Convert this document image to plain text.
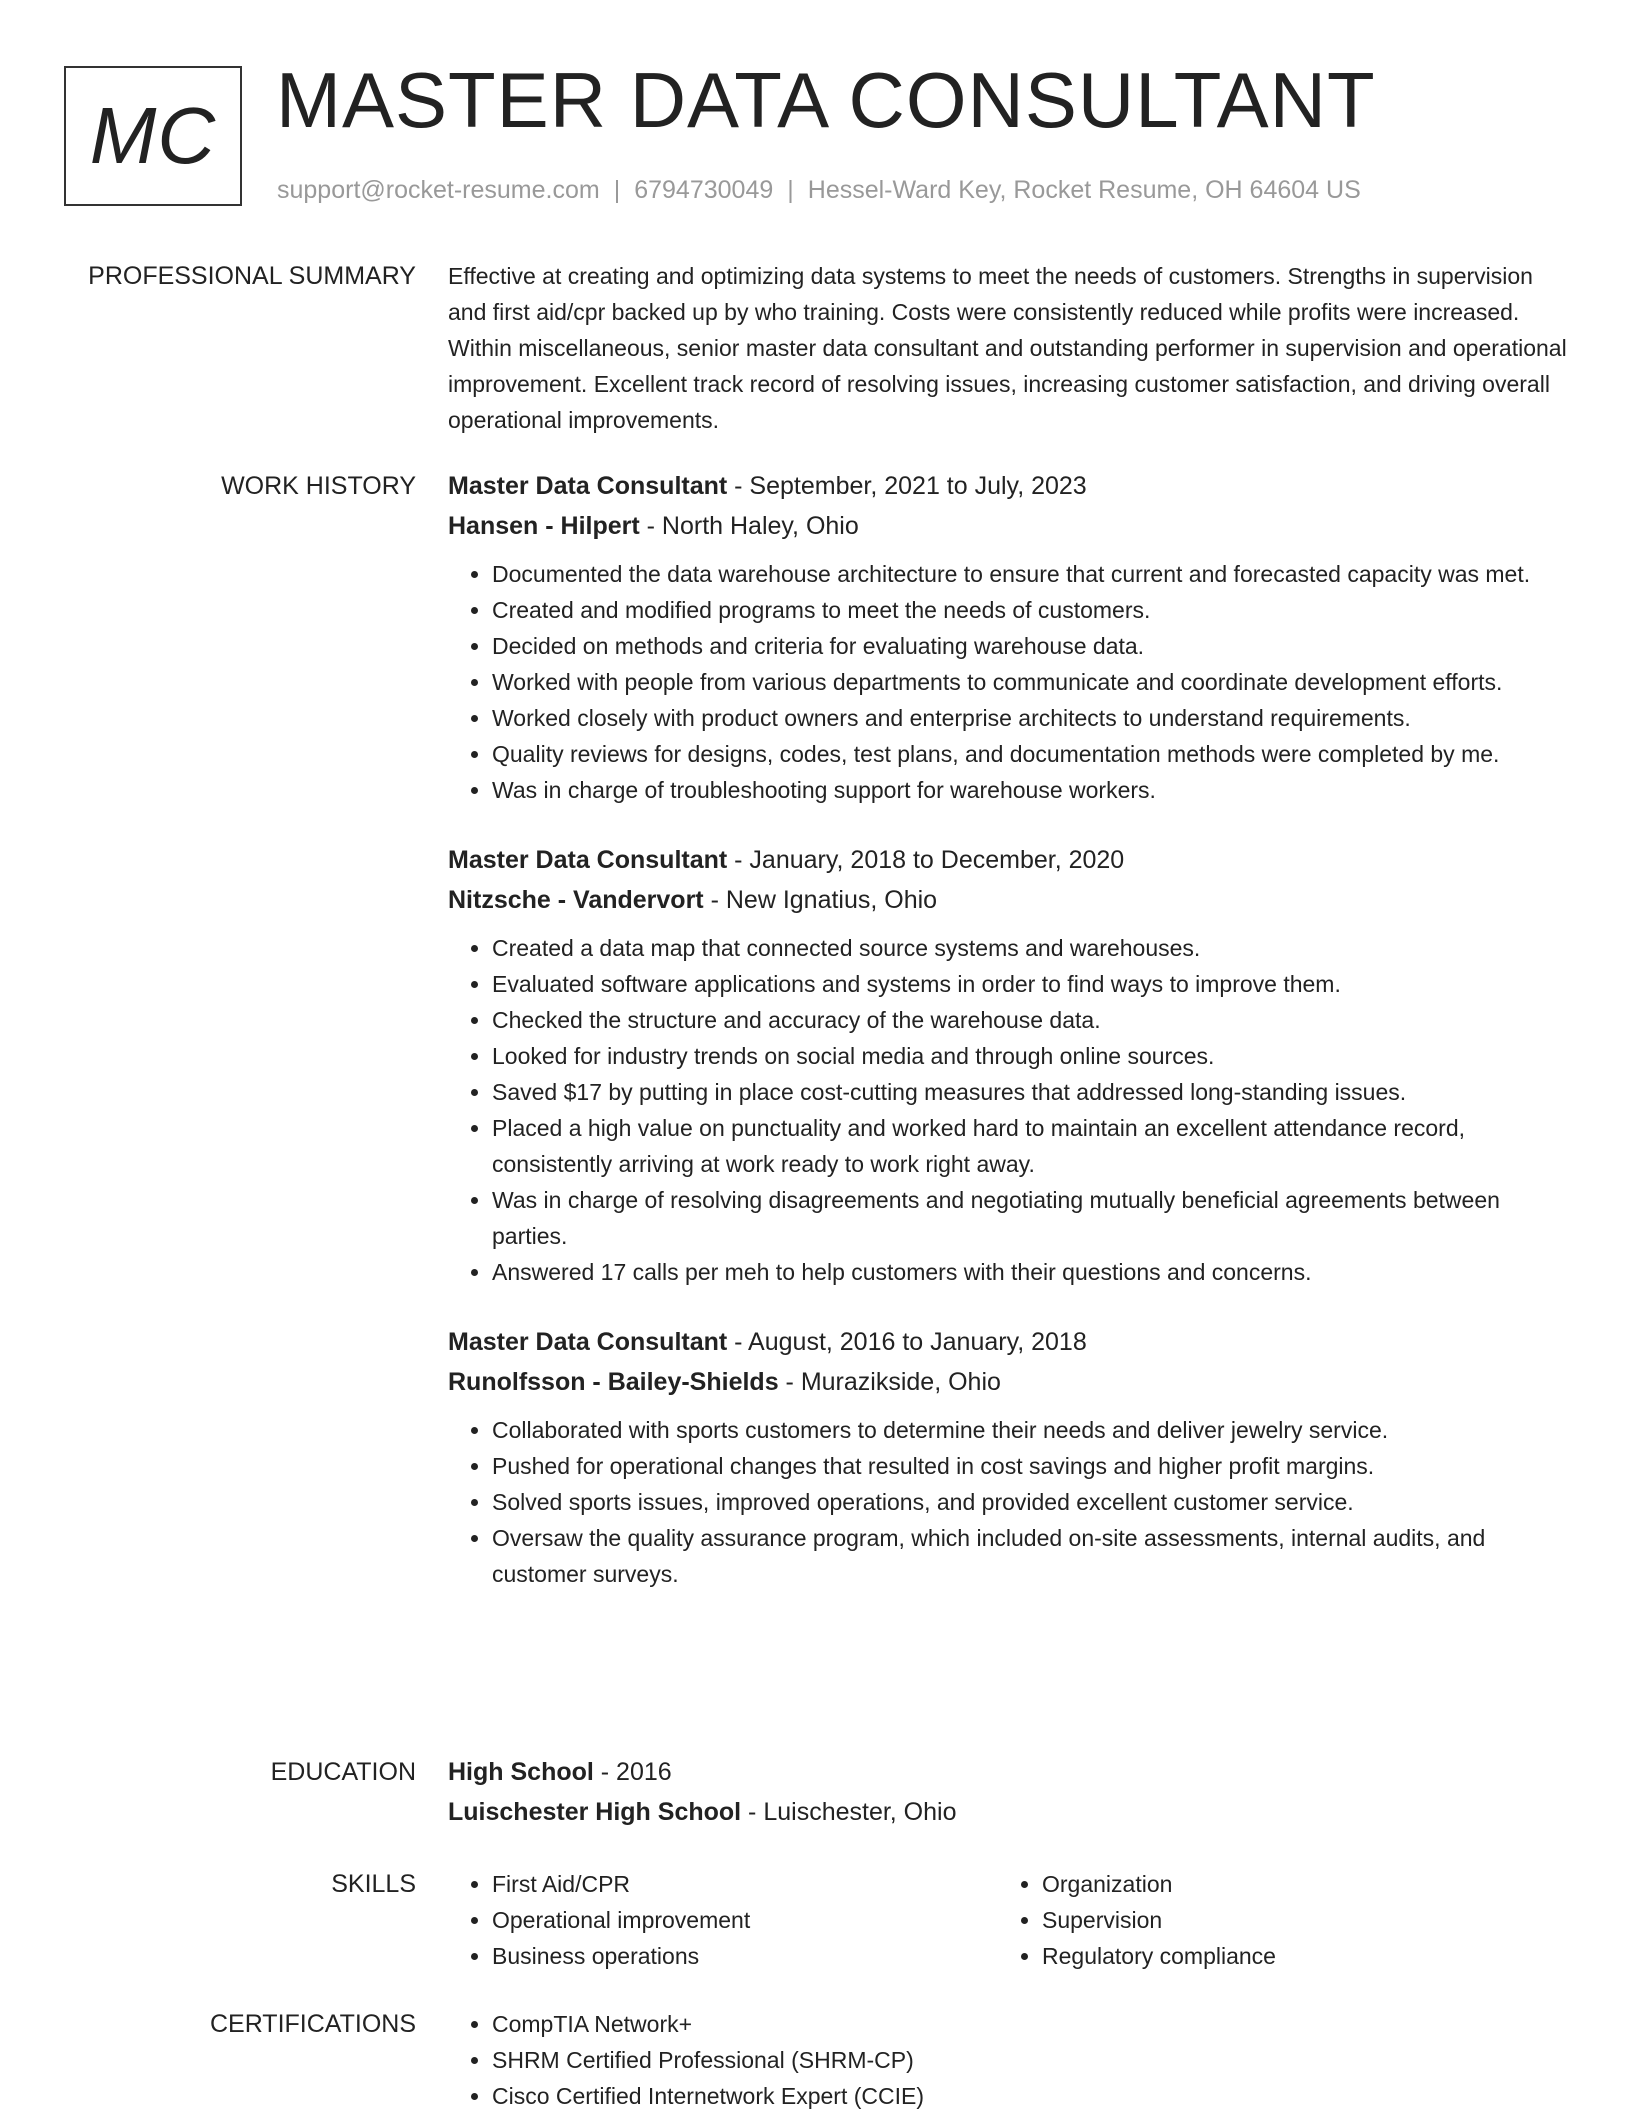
MC MASTER DATA CONSULTANT
support@rocket-resume.com | 6794730049 | Hessel-Ward Key, Rocket Resume, OH 64604 US
PROFESSIONAL SUMMARY Effective at creating and optimizing data systems to meet the needs of customers. Strengths in supervision and first aid/cpr backed up by who training. Costs were consistently reduced while profits were increased. Within miscellaneous, senior master data consultant and outstanding performer in supervision and operational improvement. Excellent track record of resolving issues, increasing customer satisfaction, and driving overall operational improvements.

WORK HISTORY Master Data Consultant - September, 2021 to July, 2023
Hansen - Hilpert - North Haley, Ohio
• Documented the data warehouse architecture to ensure that current and forecasted capacity was met.
• Created and modified programs to meet the needs of customers.
• Decided on methods and criteria for evaluating warehouse data.
• Worked with people from various departments to communicate and coordinate development efforts.
• Worked closely with product owners and enterprise architects to understand requirements.
• Quality reviews for designs, codes, test plans, and documentation methods were completed by me.
• Was in charge of troubleshooting support for warehouse workers.
Master Data Consultant - January, 2018 to December, 2020
Nitzsche - Vandervort - New Ignatius, Ohio
• Created a data map that connected source systems and warehouses.
• Evaluated software applications and systems in order to find ways to improve them.
• Checked the structure and accuracy of the warehouse data.
• Looked for industry trends on social media and through online sources.
• Saved $17 by putting in place cost-cutting measures that addressed long-standing issues.
• Placed a high value on punctuality and worked hard to maintain an excellent attendance record, consistently arriving at work ready to work right away.
• Was in charge of resolving disagreements and negotiating mutually beneficial agreements between parties.
• Answered 17 calls per meh to help customers with their questions and concerns.
Master Data Consultant - August, 2016 to January, 2018
Runolfsson - Bailey-Shields - Murazikside, Ohio
• Collaborated with sports customers to determine their needs and deliver jewelry service.
• Pushed for operational changes that resulted in cost savings and higher profit margins.
• Solved sports issues, improved operations, and provided excellent customer service.
• Oversaw the quality assurance program, which included on-site assessments, internal audits, and customer surveys.
EDUCATION High School - 2016
Luischester High School - Luischester, Ohio
SKILLS	• First Aid/CPR
• Operational improvement
• Business operations
• Organization
• Supervision
• Regulatory compliance
CERTIFICATIONS	• CompTIA Network+
• SHRM Certified Professional (SHRM-CP)
• Cisco Certified Internetwork Expert (CCIE)
